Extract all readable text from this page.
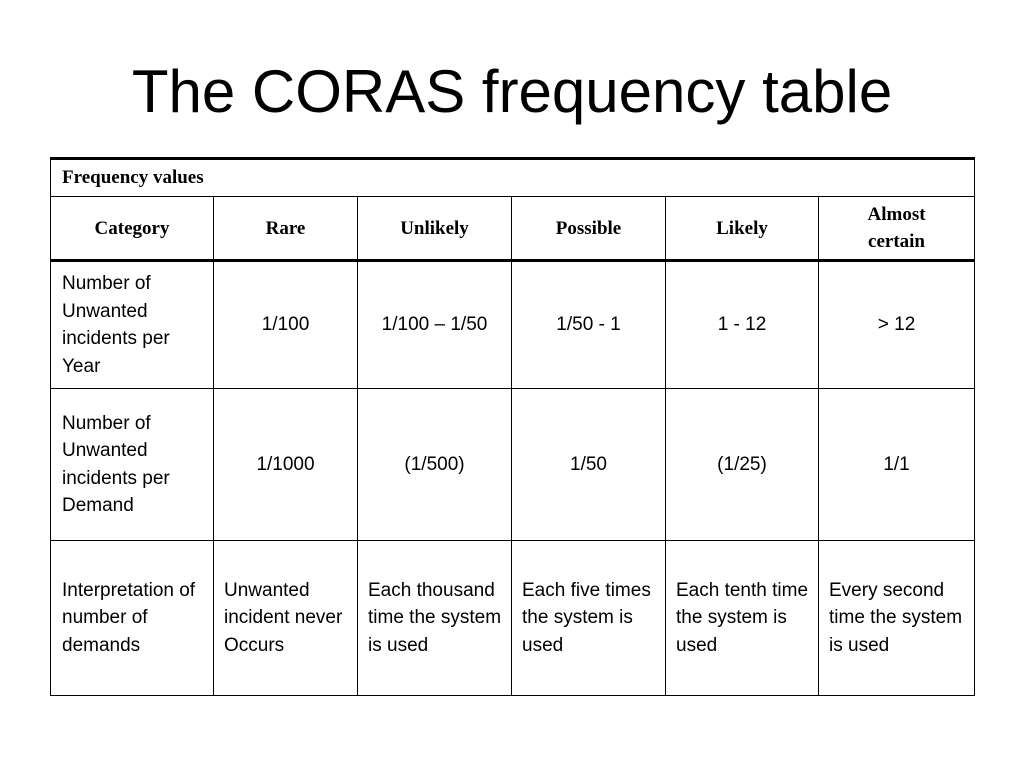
The CORAS frequency table
Frequency values					
Category	Rare	Unlikely	Possible	Likely	Almost certain
Number of Unwanted incidents per Year	1/100	1/100 – 1/50	1/50 - 1	1 - 12	> 12
Number of Unwanted incidents per Demand	1/1000	(1/500)	1/50	(1/25)	1/1
Interpretation of number of demands	Unwanted incident never Occurs	Each thousand time the system is used	Each five times the system is used	Each tenth time the system is used	Every second time the system is used
